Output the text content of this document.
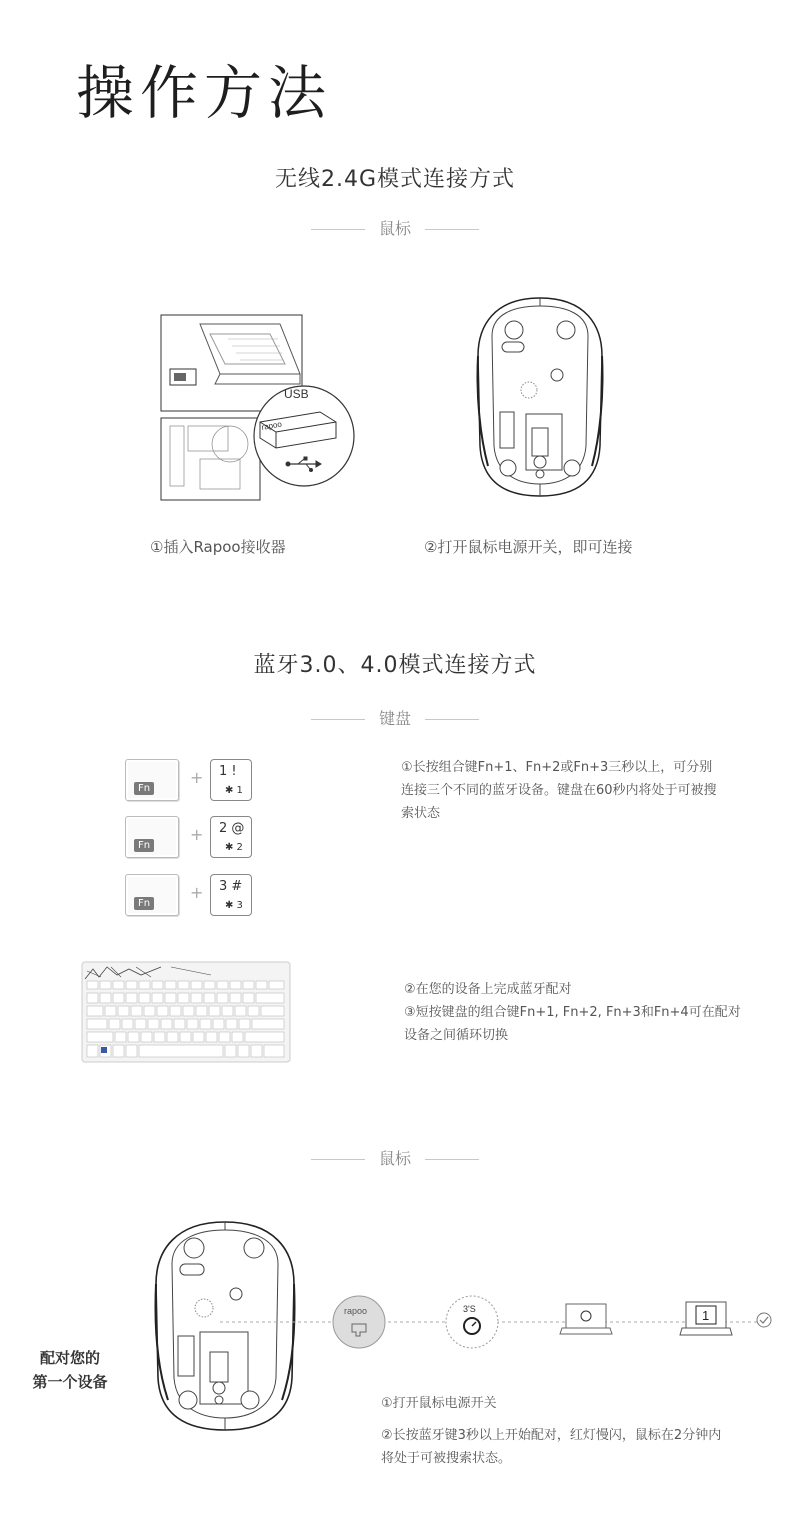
操作方法
无线2.4G模式连接方式
鼠标
USB
rapoo
①插入Rapoo接收器	②打开鼠标电源开关，即可连接
蓝牙3.0、4.0模式连接方式
键盘
Fn
+ 1 !
✱ 1
Fn
+ 2 @
✱ 2
Fn
+ 3 #
✱ 3
①长按组合键Fn+1、Fn+2或Fn+3三秒以上，可分别
连接三个不同的蓝牙设备。键盘在60秒内将处于可被搜
索状态
②在您的设备上完成蓝牙配对
③短按键盘的组合键Fn+1, Fn+2, Fn+3和Fn+4可在配对
设备之间循环切换
鼠标
配对您的
第一个设备
rapoo	3'S	1
①打开鼠标电源开关
②长按蓝牙键3秒以上开始配对，红灯慢闪，鼠标在2分钟内
将处于可被搜索状态。
